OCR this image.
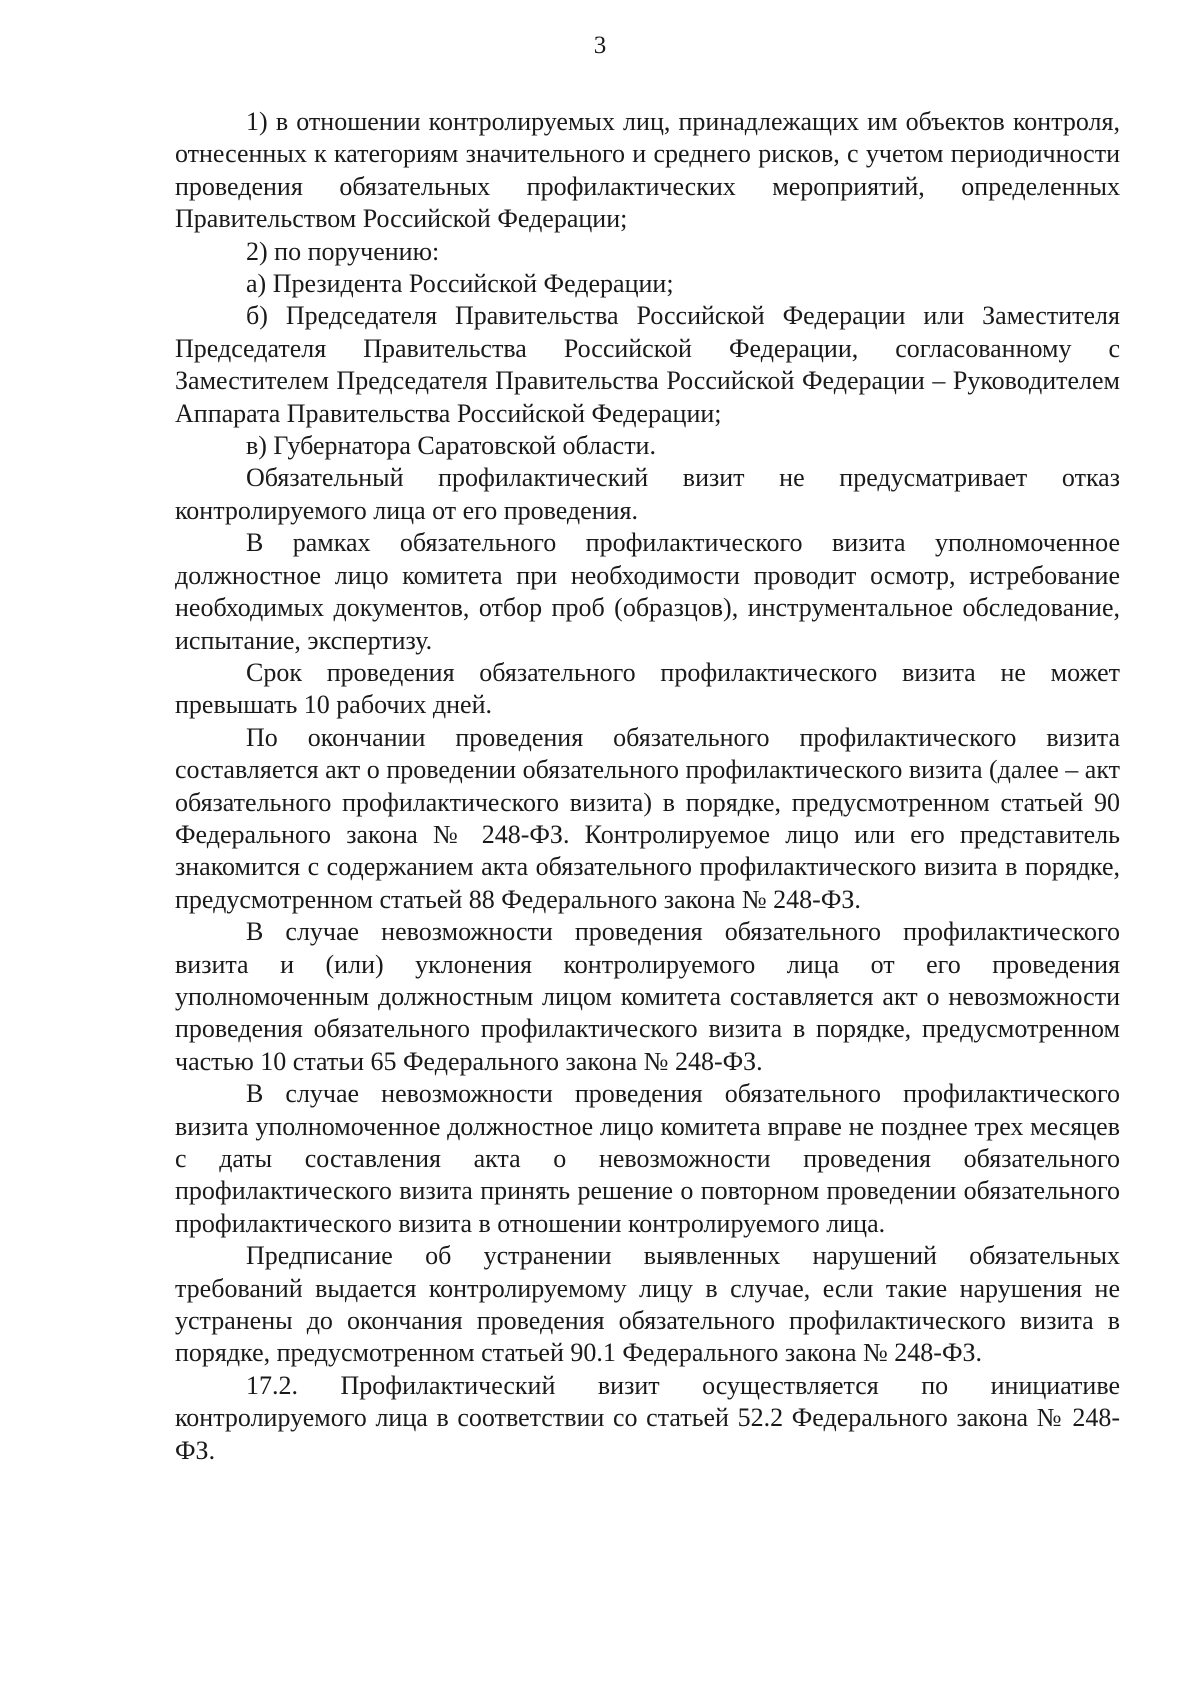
3

1) в отношении контролируемых лиц, принадлежащих им объектов контроля, отнесенных к категориям значительного и среднего рисков, с учетом периодичности проведения обязательных профилактических мероприятий, определенных Правительством Российской Федерации;

2) по поручению:

а) Президента Российской Федерации;

б) Председателя Правительства Российской Федерации или Заместителя Председателя Правительства Российской Федерации, согласованному с Заместителем Председателя Правительства Российской Федерации – Руководителем Аппарата Правительства Российской Федерации;

в) Губернатора Саратовской области.

Обязательный профилактический визит не предусматривает отказ контролируемого лица от его проведения.

В рамках обязательного профилактического визита уполномоченное должностное лицо комитета при необходимости проводит осмотр, истребование необходимых документов, отбор проб (образцов), инструментальное обследование, испытание, экспертизу.

Срок проведения обязательного профилактического визита не может превышать 10 рабочих дней.

По окончании проведения обязательного профилактического визита составляется акт о проведении обязательного профилактического визита (далее – акт обязательного профилактического визита) в порядке, предусмотренном статьей 90 Федерального закона № 248-ФЗ. Контролируемое лицо или его представитель знакомится с содержанием акта обязательного профилактического визита в порядке, предусмотренном статьей 88 Федерального закона № 248-ФЗ.

В случае невозможности проведения обязательного профилактического визита и (или) уклонения контролируемого лица от его проведения уполномоченным должностным лицом комитета составляется акт о невозможности проведения обязательного профилактического визита в порядке, предусмотренном частью 10 статьи 65 Федерального закона № 248-ФЗ.

В случае невозможности проведения обязательного профилактического визита уполномоченное должностное лицо комитета вправе не позднее трех месяцев с даты составления акта о невозможности проведения обязательного профилактического визита принять решение о повторном проведении обязательного профилактического визита в отношении контролируемого лица.

Предписание об устранении выявленных нарушений обязательных требований выдается контролируемому лицу в случае, если такие нарушения не устранены до окончания проведения обязательного профилактического визита в порядке, предусмотренном статьей 90.1 Федерального закона № 248-ФЗ.

17.2. Профилактический визит осуществляется по инициативе контролируемого лица в соответствии со статьей 52.2 Федерального закона № 248-ФЗ.
